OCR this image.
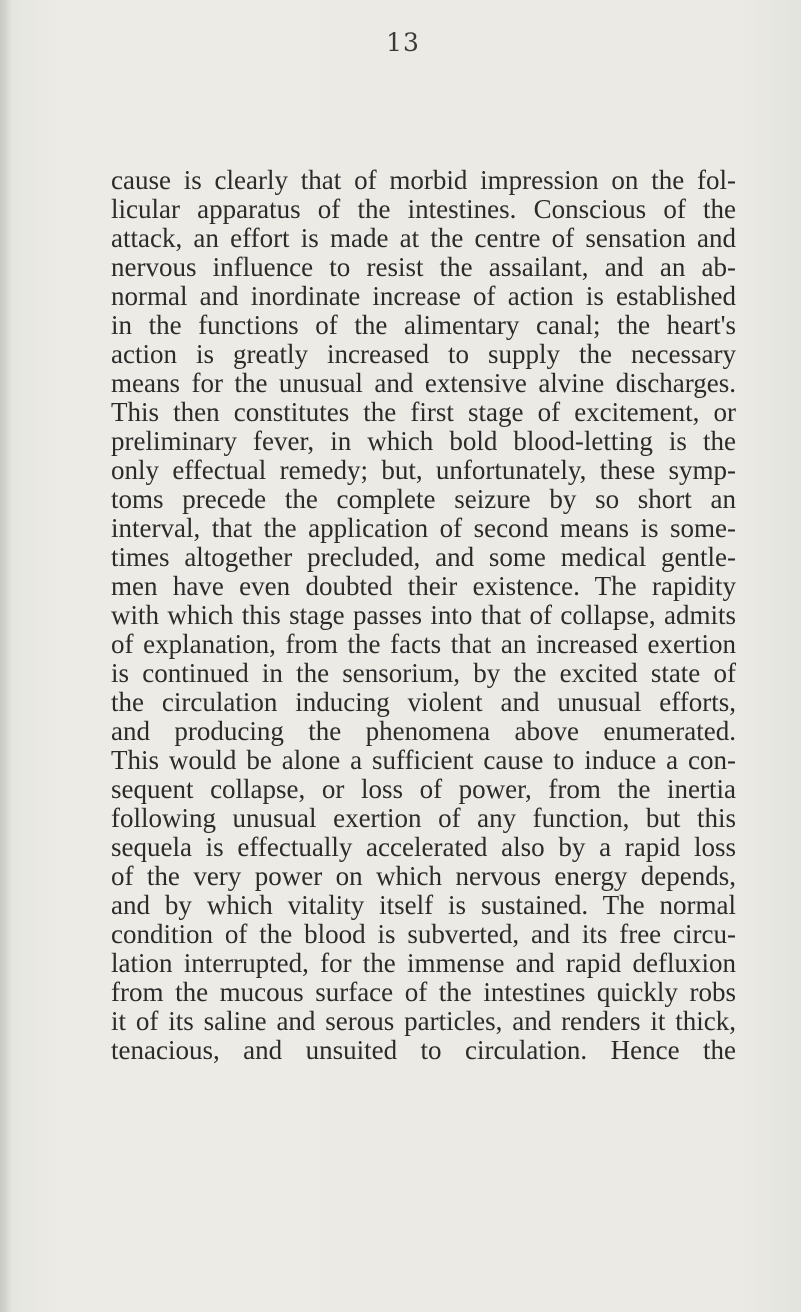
13
cause is clearly that of morbid impression on the fol-
licular apparatus of the intestines. Conscious of the
attack, an effort is made at the centre of sensation and
nervous influence to resist the assailant, and an ab-
normal and inordinate increase of action is established
in the functions of the alimentary canal; the heart's
action is greatly increased to supply the necessary
means for the unusual and extensive alvine discharges.
This then constitutes the first stage of excitement, or
preliminary fever, in which bold blood-letting is the
only effectual remedy; but, unfortunately, these symp-
toms precede the complete seizure by so short an
interval, that the application of second means is some-
times altogether precluded, and some medical gentle-
men have even doubted their existence. The rapidity
with which this stage passes into that of collapse, admits
of explanation, from the facts that an increased exertion
is continued in the sensorium, by the excited state of
the circulation inducing violent and unusual efforts,
and producing the phenomena above enumerated.
This would be alone a sufficient cause to induce a con-
sequent collapse, or loss of power, from the inertia
following unusual exertion of any function, but this
sequela is effectually accelerated also by a rapid loss
of the very power on which nervous energy depends,
and by which vitality itself is sustained. The normal
condition of the blood is subverted, and its free circu-
lation interrupted, for the immense and rapid defluxion
from the mucous surface of the intestines quickly robs
it of its saline and serous particles, and renders it thick,
tenacious, and unsuited to circulation. Hence the
